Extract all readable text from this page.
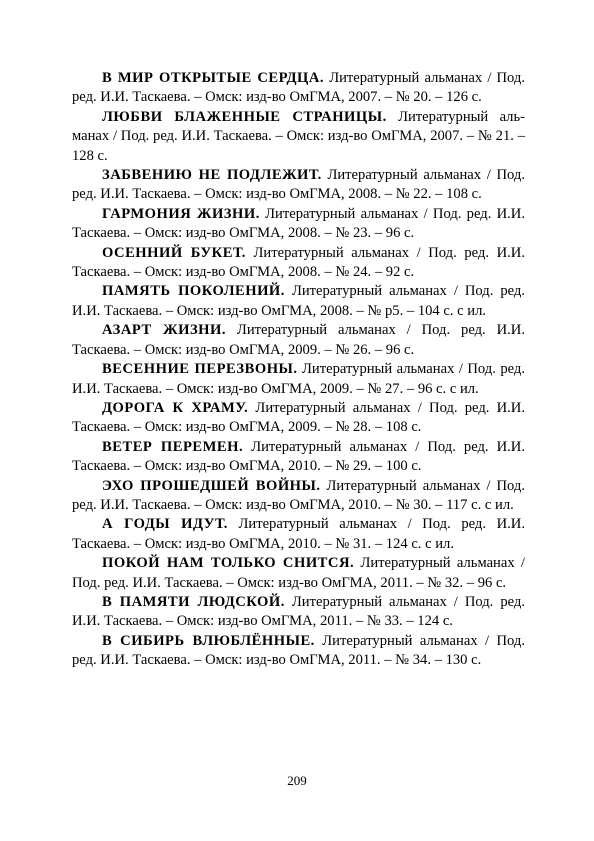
В МИР ОТКРЫТЫЕ СЕРДЦА. Литературный альманах / Под. ред. И.И. Таскаева. – Омск: изд-во ОмГМА, 2007. – № 20. – 126 с.

ЛЮБВИ БЛАЖЕННЫЕ СТРАНИЦЫ. Литературный альманах / Под. ред. И.И. Таскаева. – Омск: изд-во ОмГМА, 2007. – № 21. – 128 с.

ЗАБВЕНИЮ НЕ ПОДЛЕЖИТ. Литературный альманах / Под. ред. И.И. Таскаева. – Омск: изд-во ОмГМА, 2008. – № 22. – 108 с.

ГАРМОНИЯ ЖИЗНИ. Литературный альманах / Под. ред. И.И. Таскаева. – Омск: изд-во ОмГМА, 2008. – № 23. – 96 с.

ОСЕННИЙ БУКЕТ. Литературный альманах / Под. ред. И.И. Таскаева. – Омск: изд-во ОмГМА, 2008. – № 24. – 92 с.

ПАМЯТЬ ПОКОЛЕНИЙ. Литературный альманах / Под. ред. И.И. Таскаева. – Омск: изд-во ОмГМА, 2008. – № р5. – 104 с. с ил.

АЗАРТ ЖИЗНИ. Литературный альманах / Под. ред. И.И. Таскаева. – Омск: изд-во ОмГМА, 2009. – № 26. – 96 с.

ВЕСЕННИЕ ПЕРЕЗВОНЫ. Литературный альманах / Под. ред. И.И. Таскаева. – Омск: изд-во ОмГМА, 2009. – № 27. – 96 с. с ил.

ДОРОГА К ХРАМУ. Литературный альманах / Под. ред. И.И. Таскаева. – Омск: изд-во ОмГМА, 2009. – № 28. – 108 с.

ВЕТЕР ПЕРЕМЕН. Литературный альманах / Под. ред. И.И. Таскаева. – Омск: изд-во ОмГМА, 2010. – № 29. – 100 с.

ЭХО ПРОШЕДШЕЙ ВОЙНЫ. Литературный альманах / Под. ред. И.И. Таскаева. – Омск: изд-во ОмГМА, 2010. – № 30. – 117 с. с ил.

А ГОДЫ ИДУТ. Литературный альманах / Под. ред. И.И. Таскаева. – Омск: изд-во ОмГМА, 2010. – № 31. – 124 с. с ил.

ПОКОЙ НАМ ТОЛЬКО СНИТСЯ. Литературный альманах / Под. ред. И.И. Таскаева. – Омск: изд-во ОмГМА, 2011. – № 32. – 96 с.

В ПАМЯТИ ЛЮДСКОЙ. Литературный альманах / Под. ред. И.И. Таскаева. – Омск: изд-во ОмГМА, 2011. – № 33. – 124 с.

В СИБИРЬ ВЛЮБЛЁННЫЕ. Литературный альманах / Под. ред. И.И. Таскаева. – Омск: изд-во ОмГМА, 2011. – № 34. – 130 с.

209
